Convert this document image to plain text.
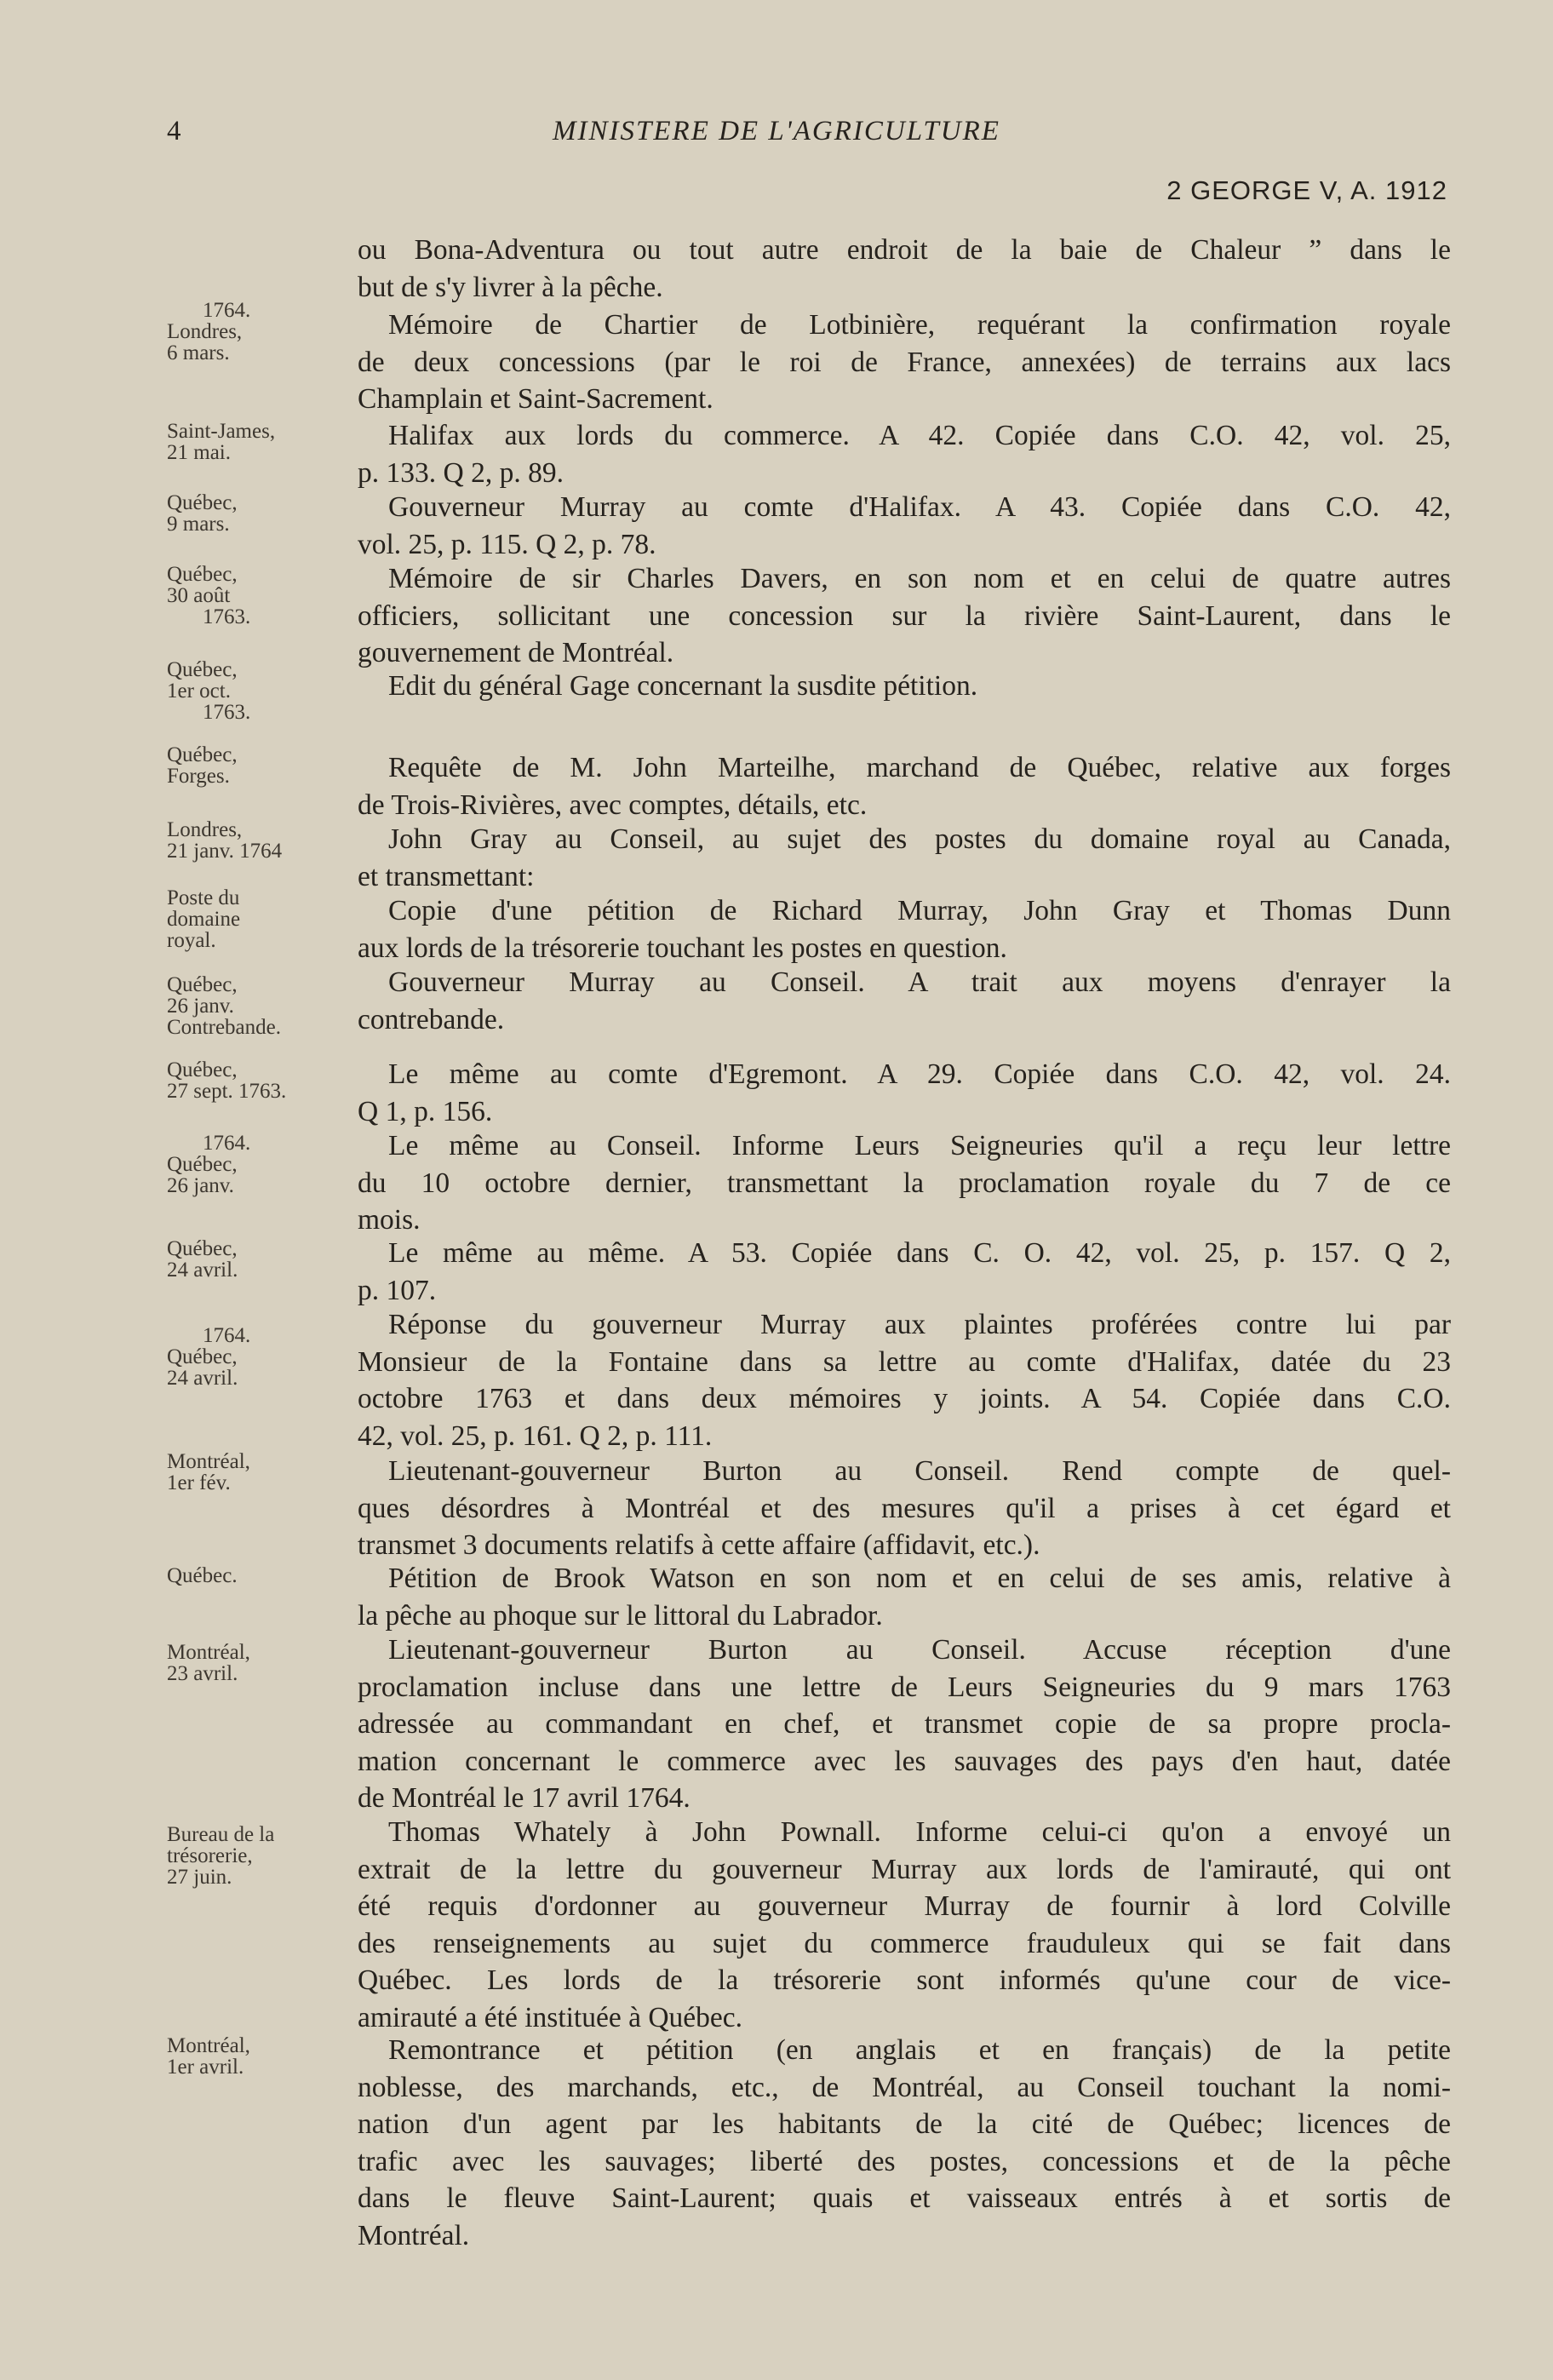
4	MINISTERE DE L'AGRICULTURE
2 GEORGE V, A. 1912
1764.
Londres,
6 mars.
Saint-James,
21 mai.
Québec,
9 mars.
Québec,
30 août
1763.
Québec,
1er oct.
1763.
Québec,
Forges.
Londres,
21 janv. 1764
Poste du
domaine
royal.
Québec,
26 janv.
Contrebande.
Québec,
27 sept. 1763.
1764.
Québec,
26 janv.
Québec,
24 avril.
1764.
Québec,
24 avril.
Montréal,
1er fév.
Québec.
Montréal,
23 avril.
Bureau de la
trésorerie,
27 juin.
Montréal,
1er avril.
ou Bona-Adventura ou tout autre endroit de la baie de Chaleur ” dans le
but de s'y livrer à la pêche.
Mémoire de Chartier de Lotbinière, requérant la confirmation royale
de deux concessions (par le roi de France, annexées) de terrains aux lacs
Champlain et Saint-Sacrement.
Halifax aux lords du commerce. A 42. Copiée dans C.O. 42, vol. 25,
p. 133. Q 2, p. 89.
Gouverneur Murray au comte d'Halifax. A 43. Copiée dans C.O. 42,
vol. 25, p. 115. Q 2, p. 78.
Mémoire de sir Charles Davers, en son nom et en celui de quatre autres
officiers, sollicitant une concession sur la rivière Saint-Laurent, dans le
gouvernement de Montréal.
Edit du général Gage concernant la susdite pétition.
Requête de M. John Marteilhe, marchand de Québec, relative aux forges
de Trois-Rivières, avec comptes, détails, etc.
John Gray au Conseil, au sujet des postes du domaine royal au Canada,
et transmettant:
Copie d'une pétition de Richard Murray, John Gray et Thomas Dunn
aux lords de la trésorerie touchant les postes en question.
Gouverneur Murray au Conseil. A trait aux moyens d'enrayer la
contrebande.
Le même au comte d'Egremont. A 29. Copiée dans C.O. 42, vol. 24.
Q 1, p. 156.
Le même au Conseil. Informe Leurs Seigneuries qu'il a reçu leur lettre
du 10 octobre dernier, transmettant la proclamation royale du 7 de ce
mois.
Le même au même. A 53. Copiée dans C. O. 42, vol. 25, p. 157. Q 2,
p. 107.
Réponse du gouverneur Murray aux plaintes proférées contre lui par
Monsieur de la Fontaine dans sa lettre au comte d'Halifax, datée du 23
octobre 1763 et dans deux mémoires y joints. A 54. Copiée dans C.O.
42, vol. 25, p. 161. Q 2, p. 111.
Lieutenant-gouverneur Burton au Conseil. Rend compte de quel-
ques désordres à Montréal et des mesures qu'il a prises à cet égard et
transmet 3 documents relatifs à cette affaire (affidavit, etc.).
Pétition de Brook Watson en son nom et en celui de ses amis, relative à
la pêche au phoque sur le littoral du Labrador.
Lieutenant-gouverneur Burton au Conseil. Accuse réception d'une
proclamation incluse dans une lettre de Leurs Seigneuries du 9 mars 1763
adressée au commandant en chef, et transmet copie de sa propre procla-
mation concernant le commerce avec les sauvages des pays d'en haut, datée
de Montréal le 17 avril 1764.
Thomas Whately à John Pownall. Informe celui-ci qu'on a envoyé un
extrait de la lettre du gouverneur Murray aux lords de l'amirauté, qui ont
été requis d'ordonner au gouverneur Murray de fournir à lord Colville
des renseignements au sujet du commerce frauduleux qui se fait dans
Québec. Les lords de la trésorerie sont informés qu'une cour de vice-
amirauté a été instituée à Québec.
Remontrance et pétition (en anglais et en français) de la petite
noblesse, des marchands, etc., de Montréal, au Conseil touchant la nomi-
nation d'un agent par les habitants de la cité de Québec; licences de
trafic avec les sauvages; liberté des postes, concessions et de la pêche
dans le fleuve Saint-Laurent; quais et vaisseaux entrés à et sortis de
Montréal.
